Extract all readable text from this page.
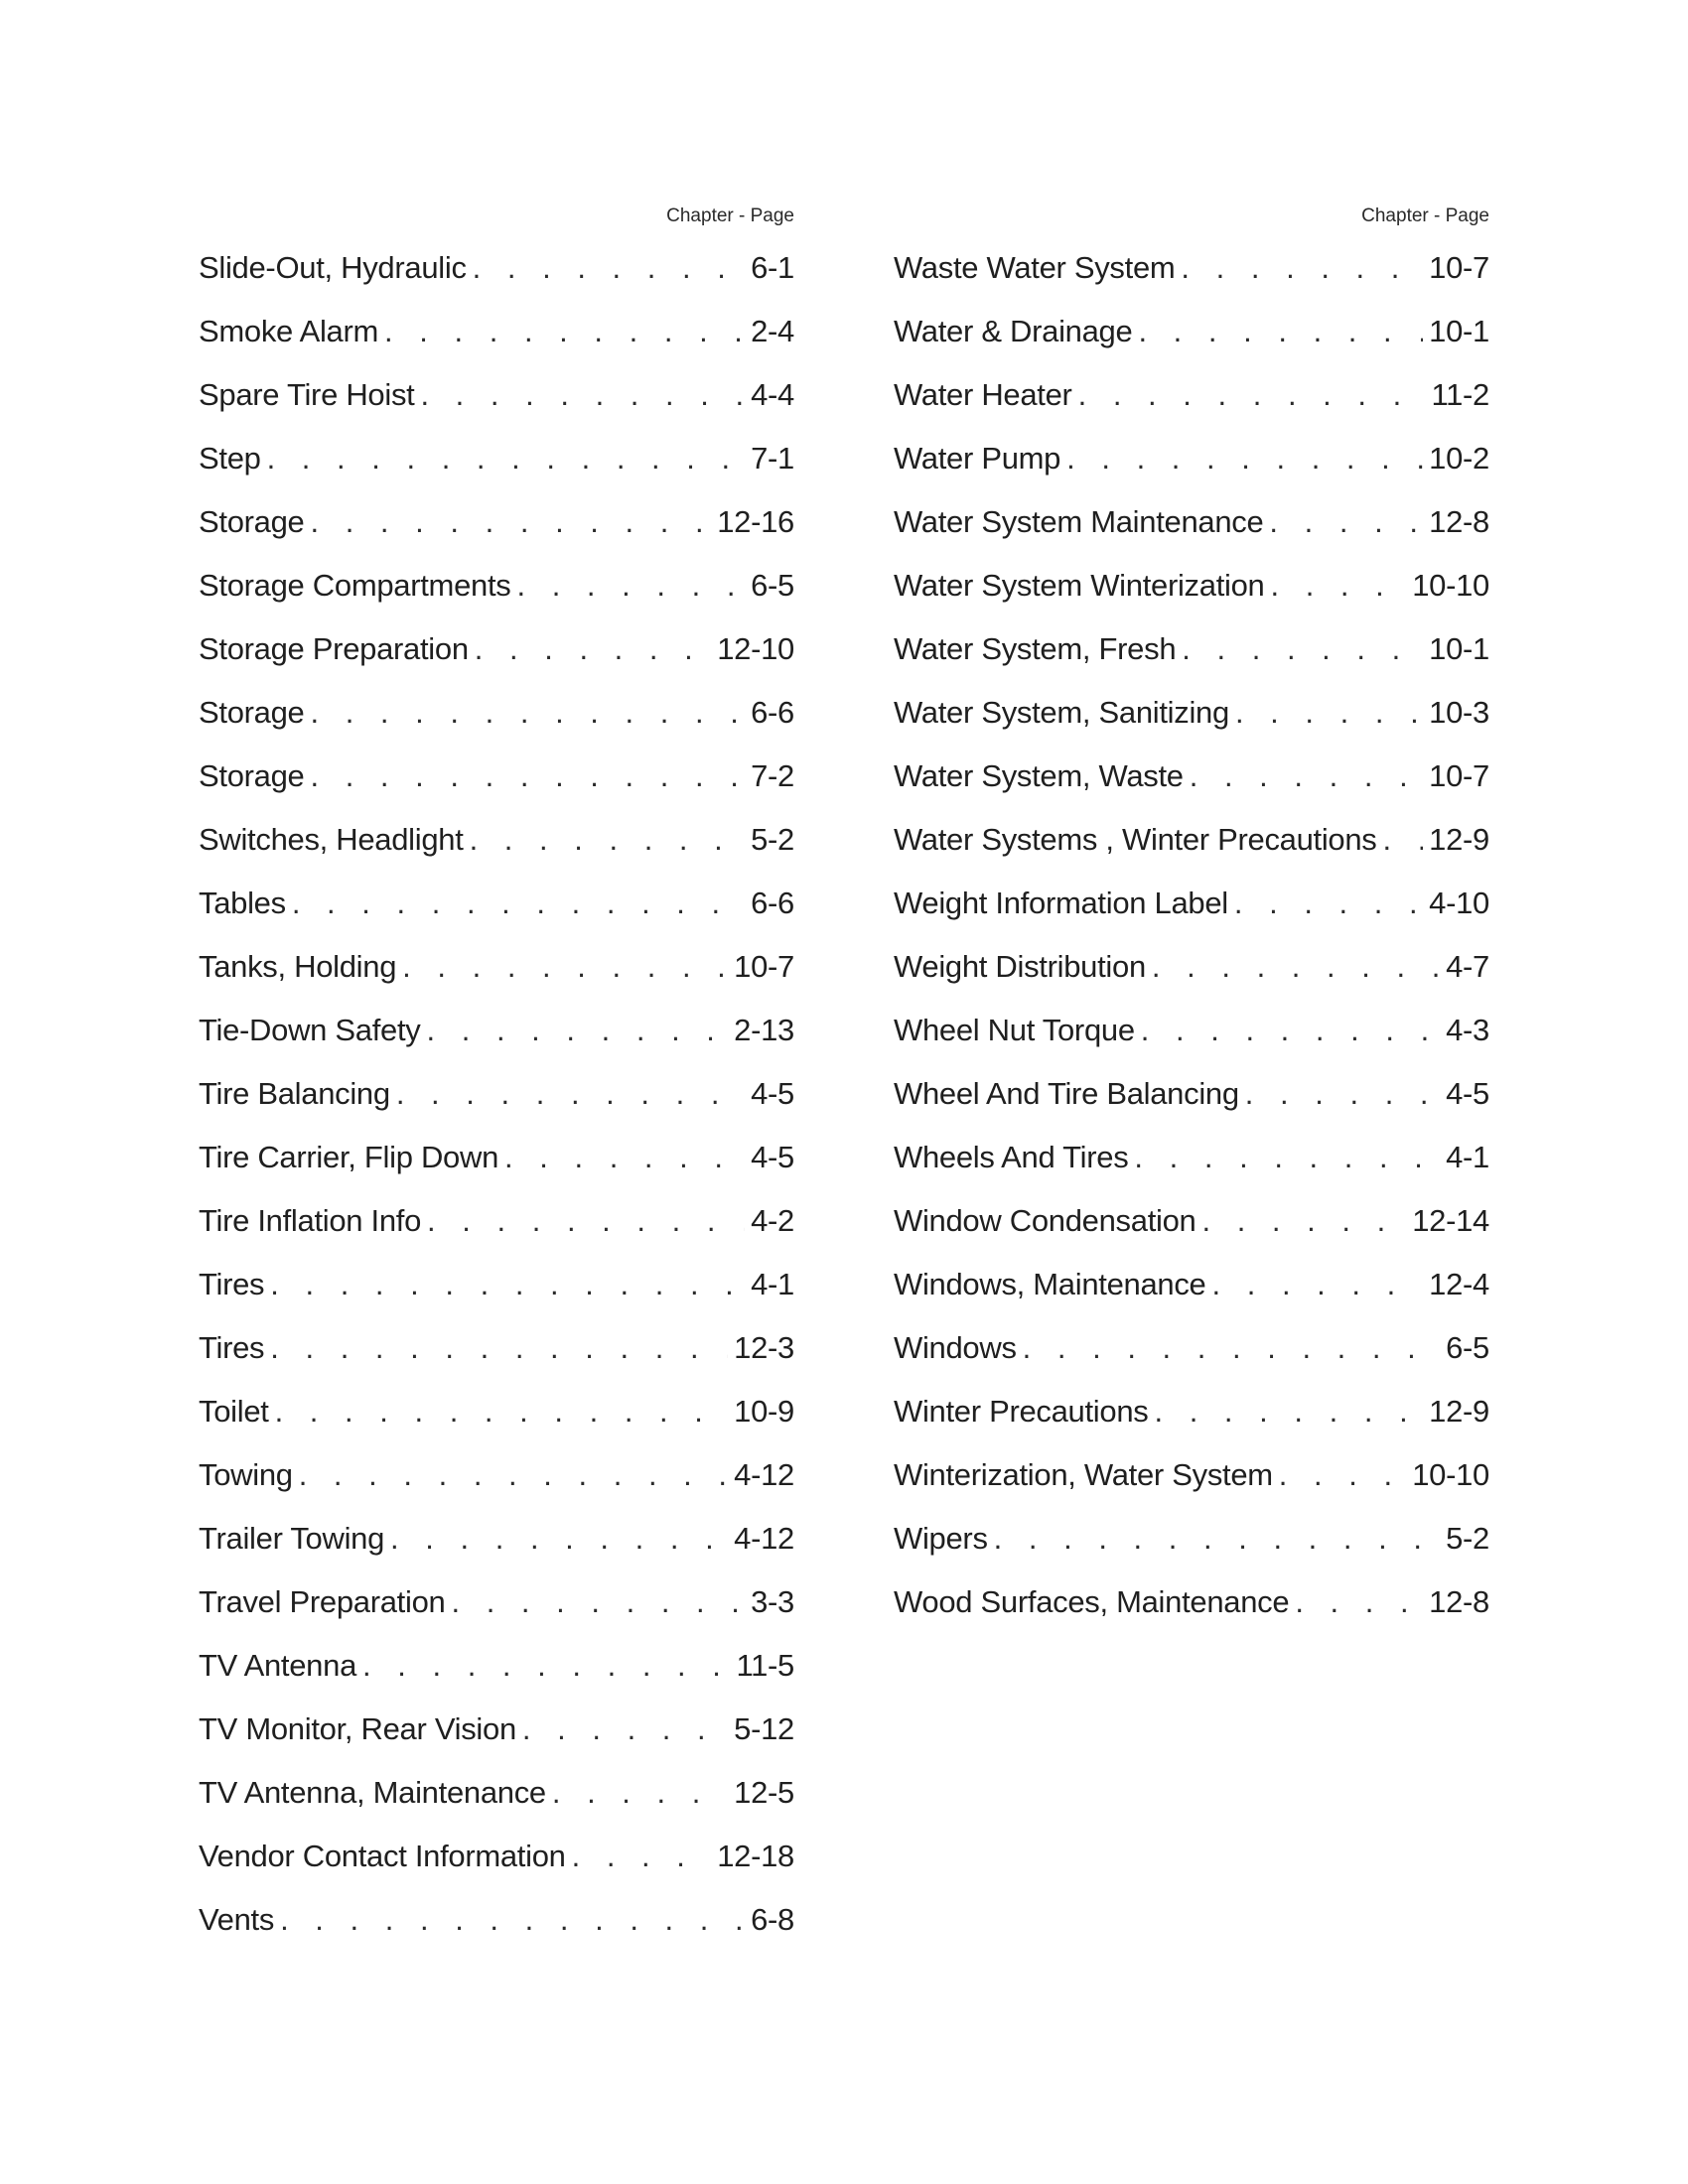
Chapter - Page
Slide-Out, Hydraulic . . .	6-1
Smoke Alarm . . .	2-4
Spare Tire Hoist . . .	4-4
Step . . .	7-1
Storage . . .	12-16
Storage Compartments . . .	6-5
Storage Preparation . . .	12-10
Storage . . .	6-6
Storage . . .	7-2
Switches, Headlight . . .	5-2
Tables . . .	6-6
Tanks, Holding . . .	10-7
Tie-Down Safety . . .	2-13
Tire Balancing . . .	4-5
Tire Carrier, Flip Down . . .	4-5
Tire Inflation Info . . .	4-2
Tires . . .	4-1
Tires . . .	12-3
Toilet . . .	10-9
Towing . . .	4-12
Trailer Towing . . .	4-12
Travel Preparation . . .	3-3
TV Antenna . . .	11-5
TV Monitor, Rear Vision . . .	5-12
TV Antenna, Maintenance . . .	12-5
Vendor Contact Information . . .	12-18
Vents . . .	6-8
Chapter - Page
Waste Water System . . .	10-7
Water & Drainage . . .	10-1
Water Heater . . .	11-2
Water Pump . . .	10-2
Water System Maintenance . . .	12-8
Water System Winterization . . .	10-10
Water System, Fresh . . .	10-1
Water System, Sanitizing . . .	10-3
Water System, Waste . . .	10-7
Water Systems , Winter Precautions . . . 12-9
Weight Information Label . . .	4-10
Weight Distribution . . .	4-7
Wheel Nut Torque . . .	4-3
Wheel And Tire Balancing . . .	4-5
Wheels And Tires . . .	4-1
Window Condensation . . .	12-14
Windows, Maintenance . . .	12-4
Windows . . .	6-5
Winter Precautions . . .	12-9
Winterization, Water System . . .	10-10
Wipers . . .	5-2
Wood Surfaces, Maintenance . . .	12-8
